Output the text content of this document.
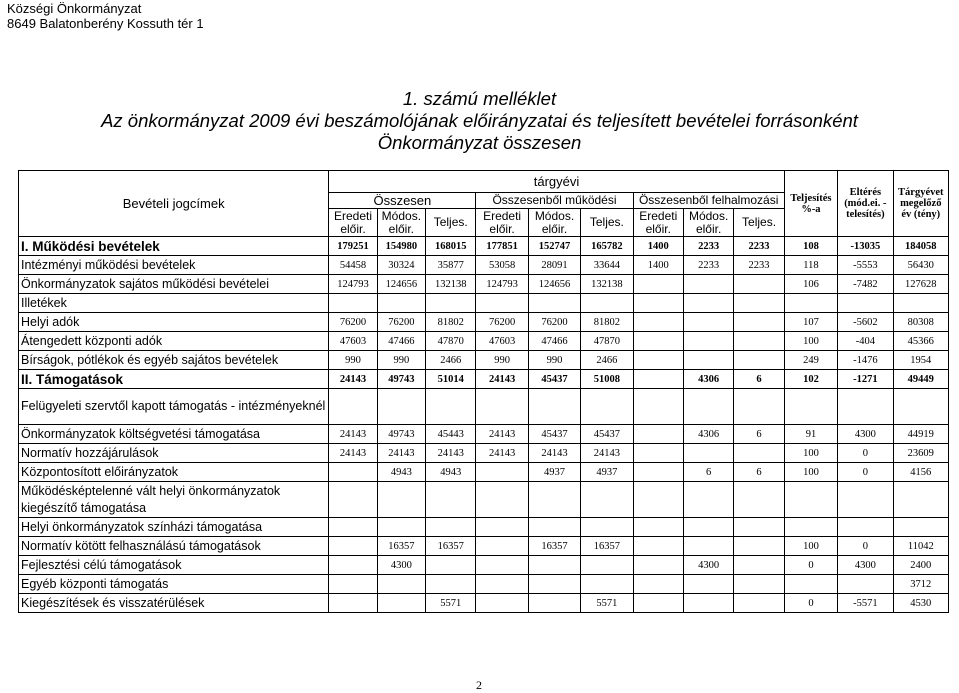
Községi Önkormányzat
8649 Balatonberény Kossuth tér 1
1. számú melléklet
Az önkormányzat 2009 évi beszámolójának előirányzatai és teljesített bevételei forrásonként
Önkormányzat összesen
Bevételi jogcímek	tárgyévi									Teljesítés %-a	Eltérés (mód.ei. - telesítés)	Tárgyévet megelőző év (tény)
	Összesen			Összesenből működési			Összesenből felhalmozási					
	Eredeti előir.	Módos. előir.	Teljes.	Eredeti előir.	Módos. előir.	Teljes.	Eredeti előir.	Módos. előir.	Teljes.			
I. Működési bevételek	179251	154980	168015	177851	152747	165782	1400	2233	2233	108	-13035	184058
Intézményi működési bevételek	54458	30324	35877	53058	28091	33644	1400	2233	2233	118	-5553	56430
Önkormányzatok sajátos működési bevételei	124793	124656	132138	124793	124656	132138				106	-7482	127628
Illetékek												
Helyi adók	76200	76200	81802	76200	76200	81802				107	-5602	80308
Átengedett központi adók	47603	47466	47870	47603	47466	47870				100	-404	45366
Bírságok, pótlékok és egyéb sajátos bevételek	990	990	2466	990	990	2466				249	-1476	1954
II. Támogatások	24143	49743	51014	24143	45437	51008		4306	6	102	-1271	49449
Felügyeleti szervtől kapott támogatás - intézményeknél												
Önkormányzatok költségvetési támogatása	24143	49743	45443	24143	45437	45437		4306	6	91	4300	44919
Normatív hozzájárulások	24143	24143	24143	24143	24143	24143				100	0	23609
Központosított előirányzatok		4943	4943		4937	4937		6	6	100	0	4156
Működésképtelenné vált helyi önkormányzatok kiegészítő támogatása												
Helyi önkormányzatok színházi támogatása												
Normatív kötött felhasználású támogatások		16357	16357		16357	16357				100	0	11042
Fejlesztési célú támogatások		4300						4300		0	4300	2400
Egyéb központi támogatás												3712
Kiegészítések és visszatérülések			5571			5571				0	-5571	4530
2
